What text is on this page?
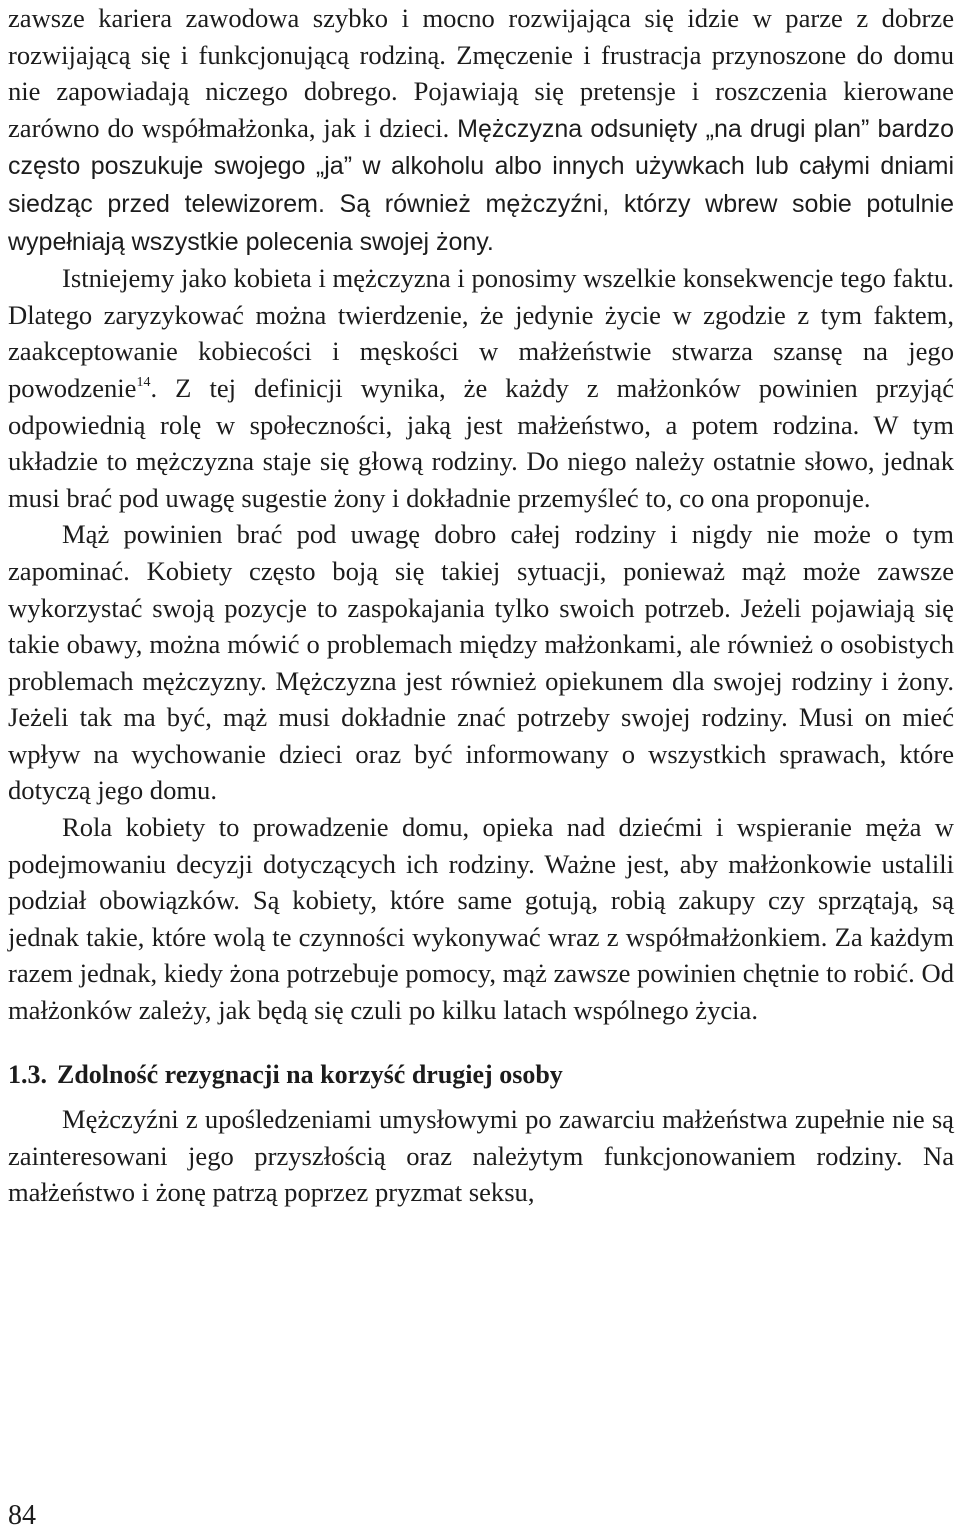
zawsze kariera zawodowa szybko i mocno rozwijająca się idzie w parze z dobrze rozwijającą się i funkcjonującą rodziną. Zmęczenie i frustracja przynoszone do domu nie zapowiadają niczego dobrego. Pojawiają się pretensje i roszczenia kierowane zarówno do współmałżonka, jak i dzieci. Mężczyzna odsunięty „na drugi plan” bardzo często poszukuje swojego „ja” w alkoholu albo innych używkach lub całymi dniami siedząc przed telewizorem. Są również mężczyźni, którzy wbrew sobie potulnie wypełniają wszystkie polecenia swojej żony.

Istniejemy jako kobieta i mężczyzna i ponosimy wszelkie konsekwencje tego faktu. Dlatego zaryzykować można twierdzenie, że jedynie życie w zgodzie z tym faktem, zaakceptowanie kobiecości i męskości w małżeństwie stwarza szansę na jego powodzenie$^{14}$. Z tej definicji wynika, że każdy z małżonków powinien przyjąć odpowiednią rolę w społeczności, jaką jest małżeństwo, a potem rodzina. W tym układzie to mężczyzna staje się głową rodziny. Do niego należy ostatnie słowo, jednak musi brać pod uwagę sugestie żony i dokładnie przemyśleć to, co ona proponuje.

Mąż powinien brać pod uwagę dobro całej rodziny i nigdy nie może o tym zapominać. Kobiety często boją się takiej sytuacji, ponieważ mąż może zawsze wykorzystać swoją pozycje to zaspokajania tylko swoich potrzeb. Jeżeli pojawiają się takie obawy, można mówić o problemach między małżonkami, ale również o osobistych problemach mężczyzny. Mężczyzna jest również opiekunem dla swojej rodziny i żony. Jeżeli tak ma być, mąż musi dokładnie znać potrzeby swojej rodziny. Musi on mieć wpływ na wychowanie dzieci oraz być informowany o wszystkich sprawach, które dotyczą jego domu.

Rola kobiety to prowadzenie domu, opieka nad dziećmi i wspieranie męża w podejmowaniu decyzji dotyczących ich rodziny. Ważne jest, aby małżonkowie ustalili podział obowiązków. Są kobiety, które same gotują, robią zakupy czy sprzątają, są jednak takie, które wolą te czynności wykonywać wraz z współmałżonkiem. Za każdym razem jednak, kiedy żona potrzebuje pomocy, mąż zawsze powinien chętnie to robić. Od małżonków zależy, jak będą się czuli po kilku latach wspólnego życia.

1.3. Zdolność rezygnacji na korzyść drugiej osoby

Mężczyźni z upośledzeniami umysłowymi po zawarciu małżeństwa zupełnie nie są zainteresowani jego przyszłością oraz należytym funkcjonowaniem rodziny. Na małżeństwo i żonę patrzą poprzez pryzmat seksu,

84
